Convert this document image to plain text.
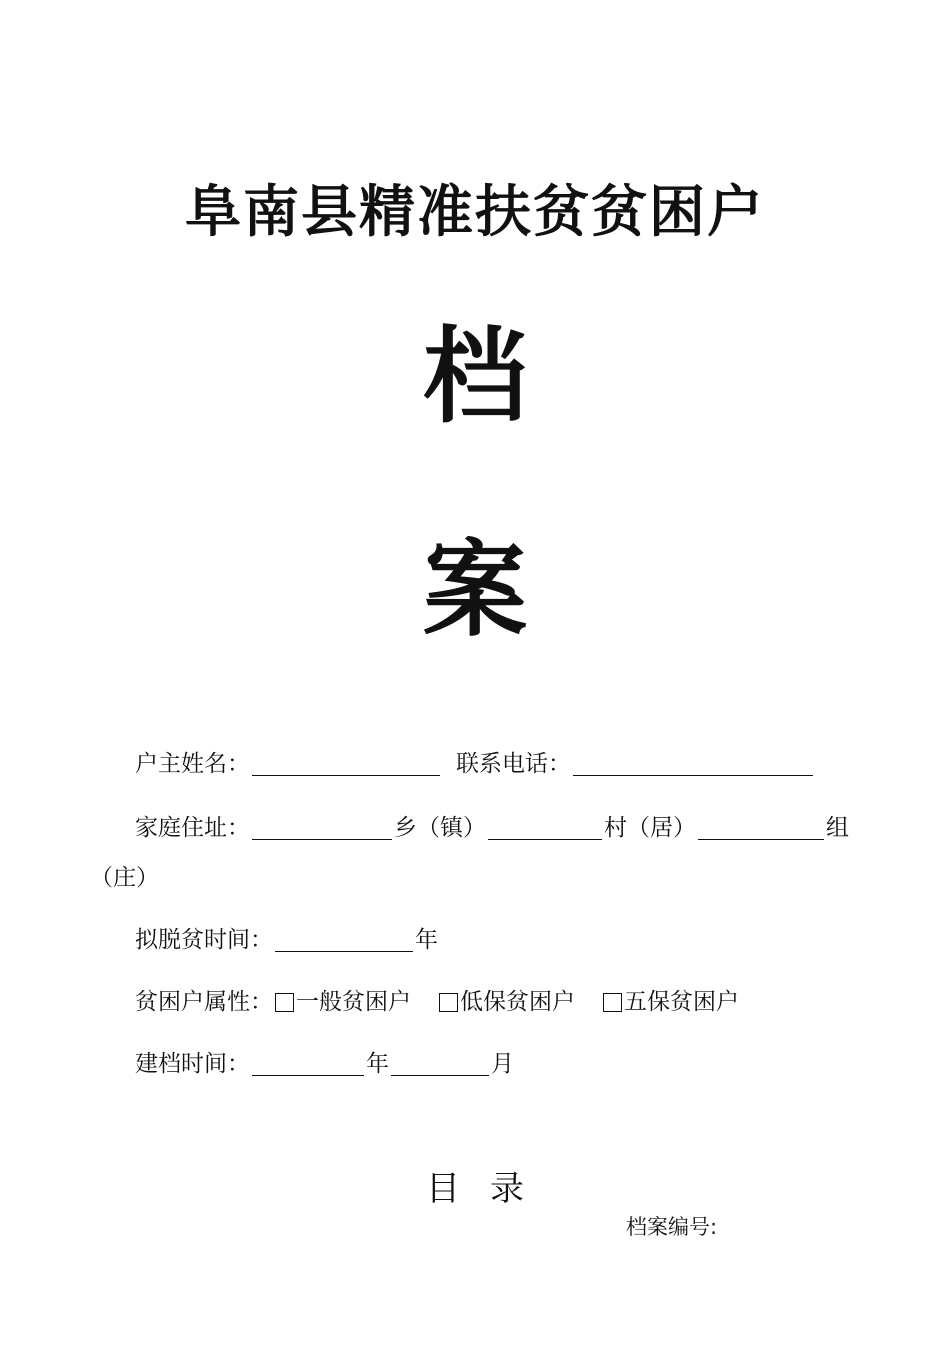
阜南县精准扶贫贫困户
档
案
户主姓名：	联系电话：
家庭住址：	乡（镇）	村（居）	组
（庄）
拟脱贫时间：	年
贫困户属性： 一般贫困户 低保贫困户 五保贫困户
建档时间：	年	月
目录
档案编号:
